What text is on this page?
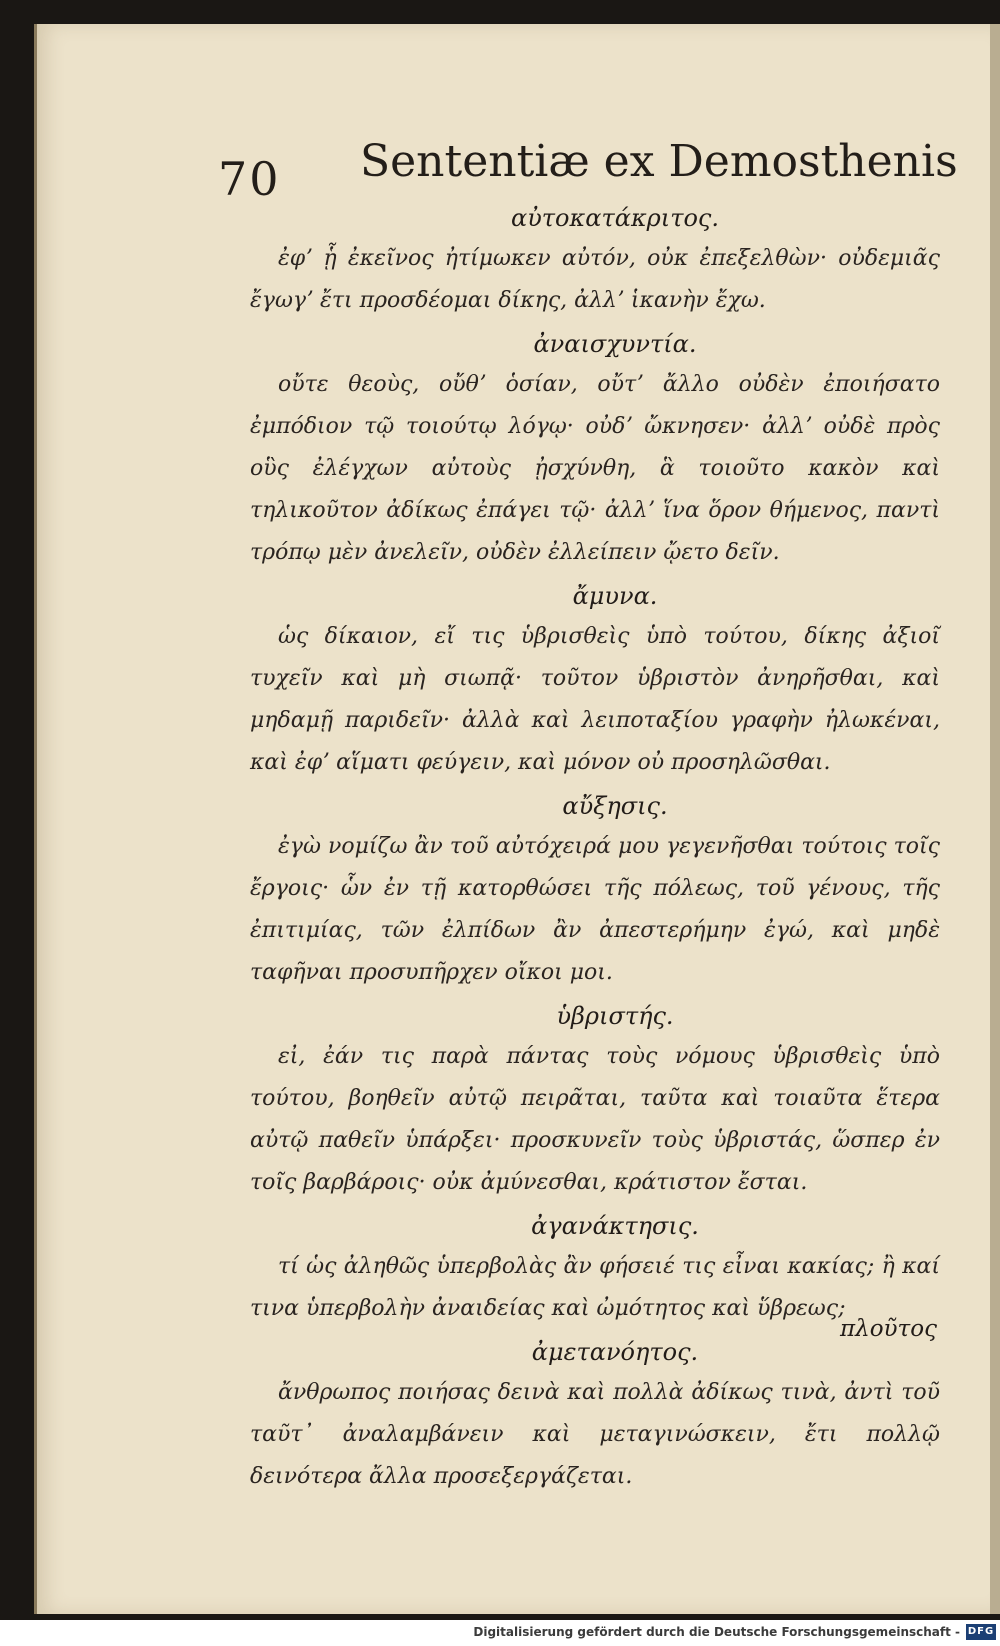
70 Sententiæ ex Demosthenis
αὐτοκατάκριτος.

ἐφʼ ᾗ ἐκεῖνος ἠτίμωκεν αὐτόν, οὐκ ἐπεξελθὼν· οὐδεμιᾶς ἔγωγʼ ἔτι προσδέομαι δίκης, ἀλλʼ ἱκανὴν ἔχω.

ἀναισχυντία.

οὔτε θεοὺς, οὔθʼ ὁσίαν, οὔτʼ ἄλλο οὐδὲν ἐποιήσατο ἐμπόδιον τῷ τοιούτῳ λόγῳ· οὐδʼ ὤκνησεν· ἀλλʼ οὐδὲ πρὸς οὓς ἐλέγχων αὐτοὺς ᾐσχύνθη, ἃ τοιοῦτο κακὸν καὶ τηλικοῦτον ἀδίκως ἐπάγει τῷ· ἀλλʼ ἵνα ὅρον θήμενος, παντὶ τρόπῳ μὲν ἀνελεῖν, οὐδὲν ἐλλείπειν ᾤετο δεῖν.

ἄμυνα.

ὡς δίκαιον, εἴ τις ὑβρισθεὶς ὑπὸ τούτου, δίκης ἀξιοῖ τυχεῖν καὶ μὴ σιωπᾷ· τοῦτον ὑβριστὸν ἀνηρῆσθαι, καὶ μηδαμῇ παριδεῖν· ἀλλὰ καὶ λειποταξίου γραφὴν ἠλωκέναι, καὶ ἐφʼ αἵματι φεύγειν, καὶ μόνον οὐ προσηλῶσθαι.

αὔξησις.

ἐγὼ νομίζω ἂν τοῦ αὐτόχειρά μου γεγενῆσθαι τούτοις τοῖς ἔργοις· ὧν ἐν τῇ κατορθώσει τῆς πόλεως, τοῦ γένους, τῆς ἐπιτιμίας, τῶν ἐλπίδων ἂν ἀπεστερήμην ἐγώ, καὶ μηδὲ ταφῆναι προσυπῆρχεν οἴκοι μοι.

ὑβριστής.

εἰ, ἐάν τις παρὰ πάντας τοὺς νόμους ὑβρισθεὶς ὑπὸ τούτου, βοηθεῖν αὐτῷ πειρᾶται, ταῦτα καὶ τοιαῦτα ἕτερα αὐτῷ παθεῖν ὑπάρξει· προσκυνεῖν τοὺς ὑβριστάς, ὥσπερ ἐν τοῖς βαρβάροις· οὐκ ἀμύνεσθαι, κράτιστον ἔσται.

ἀγανάκτησις.

τί ὡς ἀληθῶς ὑπερβολὰς ἂν φήσειέ τις εἶναι κακίας; ἢ καί τινα ὑπερβολὴν ἀναιδείας καὶ ὠμότητος καὶ ὕβρεως;

ἀμετανόητος.

ἄνθρωπος ποιήσας δεινὰ καὶ πολλὰ ἀδίκως τινὰ, ἀντὶ τοῦ ταῦτ᾽ ἀναλαμβάνειν καὶ μεταγινώσκειν, ἔτι πολλῷ δεινότερα ἄλλα προσεξεργάζεται.

πλοῦτος
Digitalisierung gefördert durch die Deutsche Forschungsgemeinschaft - DFG
